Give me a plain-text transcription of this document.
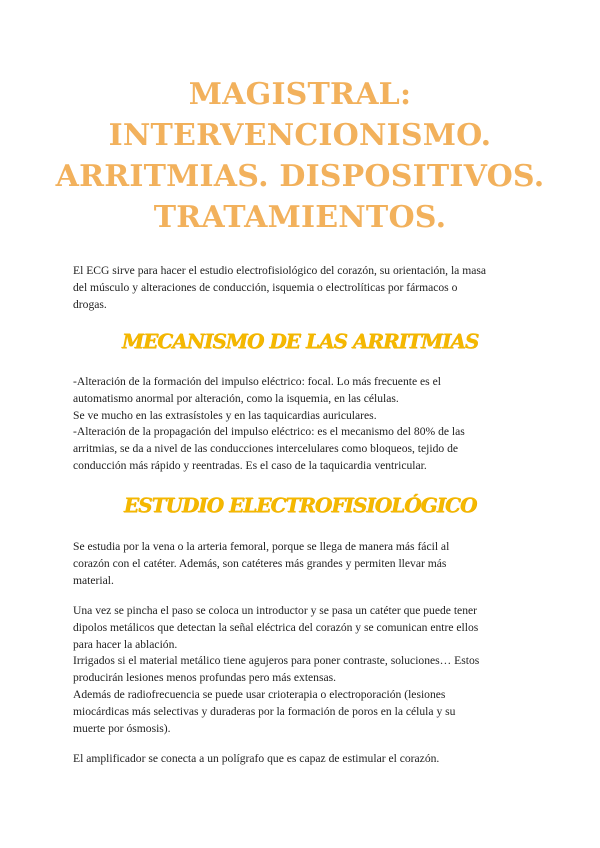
MAGISTRAL:
INTERVENCIONISMO.
ARRITMIAS. DISPOSITIVOS.
TRATAMIENTOS.
El ECG sirve para hacer el estudio electrofisiológico del corazón, su orientación, la masa
del músculo y alteraciones de conducción, isquemia o electrolíticas por fármacos o
drogas.
MECANISMO DE LAS ARRITMIAS
-Alteración de la formación del impulso eléctrico: focal. Lo más frecuente es el
automatismo anormal por alteración, como la isquemia, en las células.
Se ve mucho en las extrasístoles y en las taquicardias auriculares.
-Alteración de la propagación del impulso eléctrico: es el mecanismo del 80% de las
arritmias, se da a nivel de las conducciones intercelulares como bloqueos, tejido de
conducción más rápido y reentradas. Es el caso de la taquicardia ventricular.
ESTUDIO ELECTROFISIOLÓGICO
Se estudia por la vena o la arteria femoral, porque se llega de manera más fácil al
corazón con el catéter. Además, son catéteres más grandes y permiten llevar más
material.
Una vez se pincha el paso se coloca un introductor y se pasa un catéter que puede tener
dipolos metálicos que detectan la señal eléctrica del corazón y se comunican entre ellos
para hacer la ablación.
Irrigados si el material metálico tiene agujeros para poner contraste, soluciones… Estos
producirán lesiones menos profundas pero más extensas.
Además de radiofrecuencia se puede usar crioterapia o electroporación (lesiones
miocárdicas más selectivas y duraderas por la formación de poros en la célula y su
muerte por ósmosis).
El amplificador se conecta a un polígrafo que es capaz de estimular el corazón.
